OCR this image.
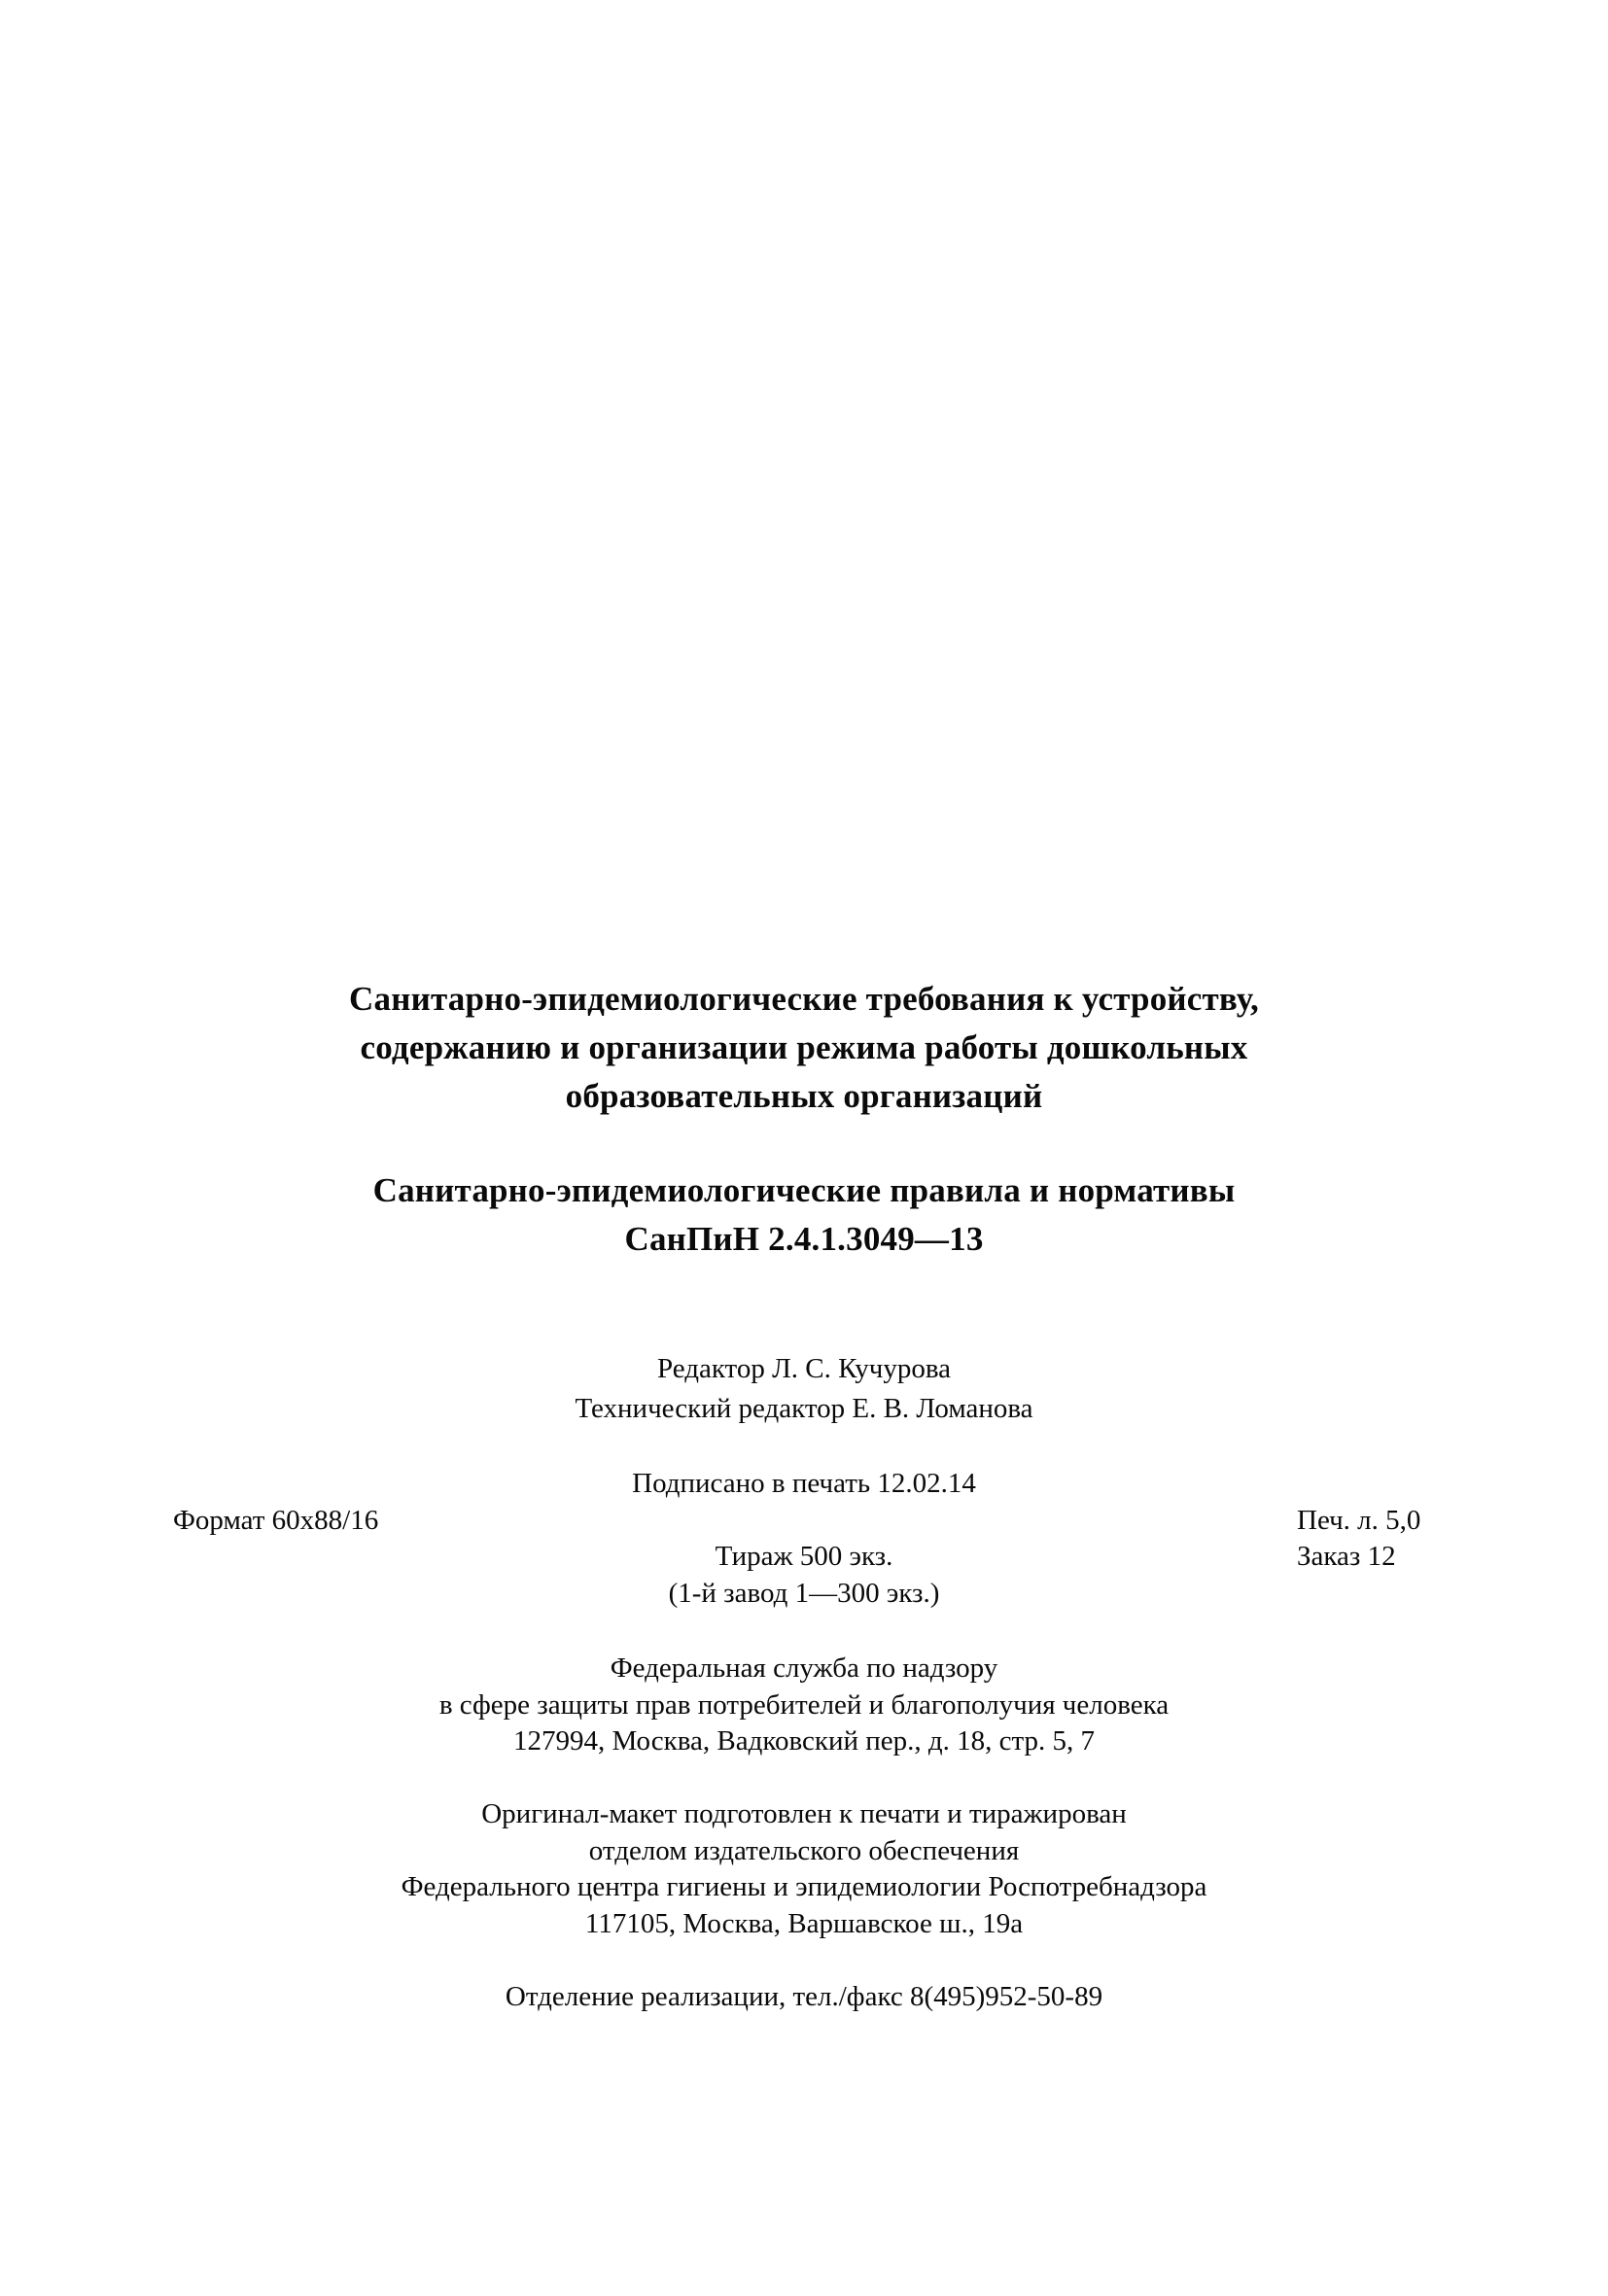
Санитарно-эпидемиологические требования к устройству,
содержанию и организации режима работы дошкольных
образовательных организаций
Санитарно-эпидемиологические правила и нормативы
СанПиН 2.4.1.3049—13
Редактор Л. С. Кучурова
Технический редактор Е. В. Ломанова
Подписано в печать 12.02.14
Формат 60x88/16	Печ. л. 5,0
Тираж 500 экз.	Заказ 12
(1-й завод 1—300 экз.)
Федеральная служба по надзору
в сфере защиты прав потребителей и благополучия человека
127994, Москва, Вадковский пер., д. 18, стр. 5, 7
Оригинал-макет подготовлен к печати и тиражирован
отделом издательского обеспечения
Федерального центра гигиены и эпидемиологии Роспотребнадзора
117105, Москва, Варшавское ш., 19а
Отделение реализации, тел./факс 8(495)952-50-89
